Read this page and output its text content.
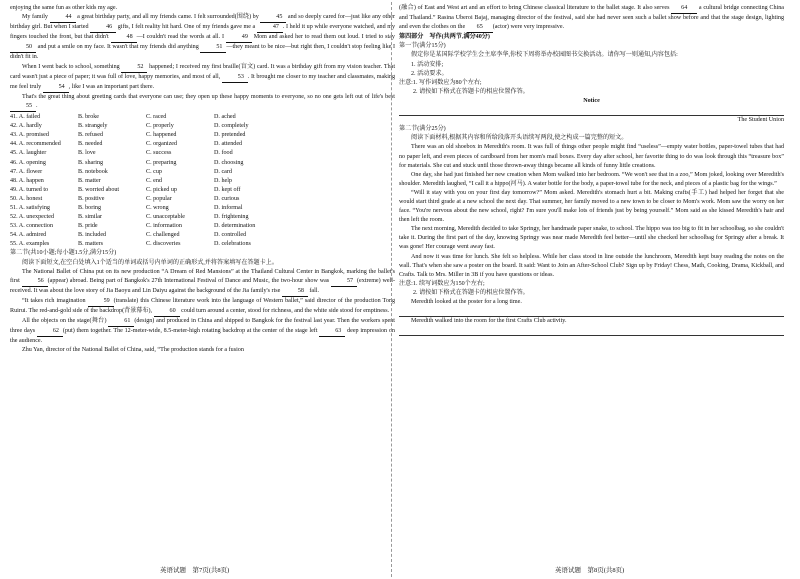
enjoying the same fun as other kids my age.

My family	44 a great birthday party, and all my friends came. I felt surrounded(围绕) by	45 and so deeply cared for—just like any other birthday girl. But when I started	46 gifts, I felt reality hit hard. One of my friends gave me a	47 . I held it up while everyone watched, and my fingers touched the front, but that didn't	48 —I couldn't read the words at all. I	49 Mom and asked her to read them out loud. I tried to stay 50 and put a smile on my face. It wasn't that my friends did anything	51 —they meant to be nice—but right then, I couldn't stop feeling like I didn't fit in.

When I went back to school, something	52 happened; I received my first braille(盲文) card. It was a birthday gift from my vision teacher. That card wasn't just a piece of paper; it was full of love, happy memories, and most of all,	53 . It brought me closer to my teacher and classmates, making me feel truly	54 , like I was an important part there.

That's the great thing about greeting cards that everyone can use; they open up these happy moments to everyone, so no one gets left out of life's best 55 .

41. A. failed	B. broke	C. raced	D. ached
42. A. hardly	B. strangely	C. properly	D. completely
43. A. promised	B. refused	C. happened	D. pretended
44. A. recommended	B. needed	C. organized	D. attended
45. A. laughter	B. love	C. success	D. food
46. A. opening	B. sharing	C. preparing	D. choosing
47. A. flower	B. notebook	C. cup	D. card
48. A. happen	B. matter	C. end	D. help
49. A. turned to	B. worried about	C. picked up	D. kept off
50. A. honest	B. positive	C. popular	D. curious
51. A. satisfying	B. boring	C. wrong	D. informal
52. A. unexpected	B. similar	C. unacceptable	D. frightening
53. A. connection	B. pride	C. information	D. determination
54. A. admired	B. included	C. challenged	D. controlled
55. A. examples	B. matters	C. discoveries	D. celebrations

第二节(共10小题;每小题1.5分,满分15分)

阅读下面短文,在空白处填入1个适当的单词或括号内单词的正确形式,并将答案填写在答题卡上。

The National Ballet of China put on its new production “A Dream of Red Mansions” at the Thailand Cultural Center in Bangkok, marking the ballet's first	56 (appear) abroad. Being part of Bangkok's 27th International Festival of Dance and Music, the two-hour show was	57 (extreme) well-received. It was about the love story of Jia Baoyu and Lin Daiyu against the background of the Jia family's rise	58 fall.

“It takes rich imagination	59 (translate) this Chinese literature work into the language of Western ballet,” said director of the production Tong Ruirui. The red-and-gold side of the backdrop(背景幕布),	60 could turn around a center, stood for richness, and the white side stood for emptiness.

All the objects on the stage(舞台)	61 (design) and produced in China and shipped to Bangkok for the festival last year. Then the workers spent three days	62 (put) them together. The 12-meter-wide, 8.5-meter-high rotating backdrop at the center of the stage left	63 deep impression on the audience.

Zhu Yan, director of the National Ballet of China, said, “The production stands for a fusion

(融合) of East and West art and an effort to bring Chinese classical literature to the ballet stage. It also serves 64 a cultural bridge connecting China and Thailand.” Rasina Uberoi Bajaj, managing director of the festival, said she had never seen such a ballet show before and that the stage design, lighting and even the clothes on the 65 (actor) were very impressive.

第四部分　写作(共两节,满分40分)

第一节(满分15分)

假定你是某国际学校学生会主席李华,你校下周将举办校园图书交换活动。请你写一则通知,内容包括:

1. 活动安排;

2. 活动要求。

注意:1. 写作词数应为80个左右;

2. 请按如下格式在答题卡的相应位置作答。

Notice

The Student Union

第二节(满分25分)

阅读下面材料,根据其内容和所给段落开头语续写两段,使之构成一篇完整的短文。

There was an old shoebox in Meredith's room. It was full of things other people might find “useless”—empty water bottles, paper-towel tubes that had no paper left, and even pieces of cardboard from her mom's mail boxes. Every day after school, her favorite thing to do was look through this “treasure box” for materials. She cut and stuck until those thrown-away things became all kinds of funny little creations.

One day, she had just finished her new creation when Mom walked into her bedroom. “We won't see that in a zoo,” Mom joked, looking over Meredith's shoulder. Meredith laughed, “I call it a hippo(河马). A water bottle for the body, a paper-towel tube for the neck, and pieces of a plastic bag for the wings.”

“Will it stay with you on your first day tomorrow?” Mom asked. Meredith's stomach hurt a bit. Making crafts(手工) had helped her forget that she would start third grade at a new school the next day. That summer, her family moved to a new town to be closer to Mom's work. Mom saw the worry on her face. “You're nervous about the new school, right? I'm sure you'll make lots of friends just by being yourself.” Mom said as she kissed Meredith's hair and then left the room.

The next morning, Meredith decided to take Springy, her handmade paper snake, to school. The hippo was too big to fit in her schoolbag, so she couldn't take it. During the first part of the day, knowing Springy was near made Meredith feel better—until she checked her schoolbag for Springy after a break. It was gone! Her courage went away fast.

And now it was time for lunch. She felt so helpless. While her class stood in line outside the lunchroom, Meredith kept busy reading the notes on the wall. That's when she saw a poster on the board. It said: Want to Join an After-School Club? Sign up by Friday! Chess, Math, Cooking, Drama, Kickball, and Crafts. Talk to Mrs. Miller in 3B if you have questions or ideas.

注意:1. 续写词数应为150个左右;

2. 请按如下格式在答题卡的相应位置作答。

Meredith looked at the poster for a long time.

Meredith walked into the room for the first Crafts Club activity.

英语试题　第7页(共8页)	英语试题　第8页(共8页)
